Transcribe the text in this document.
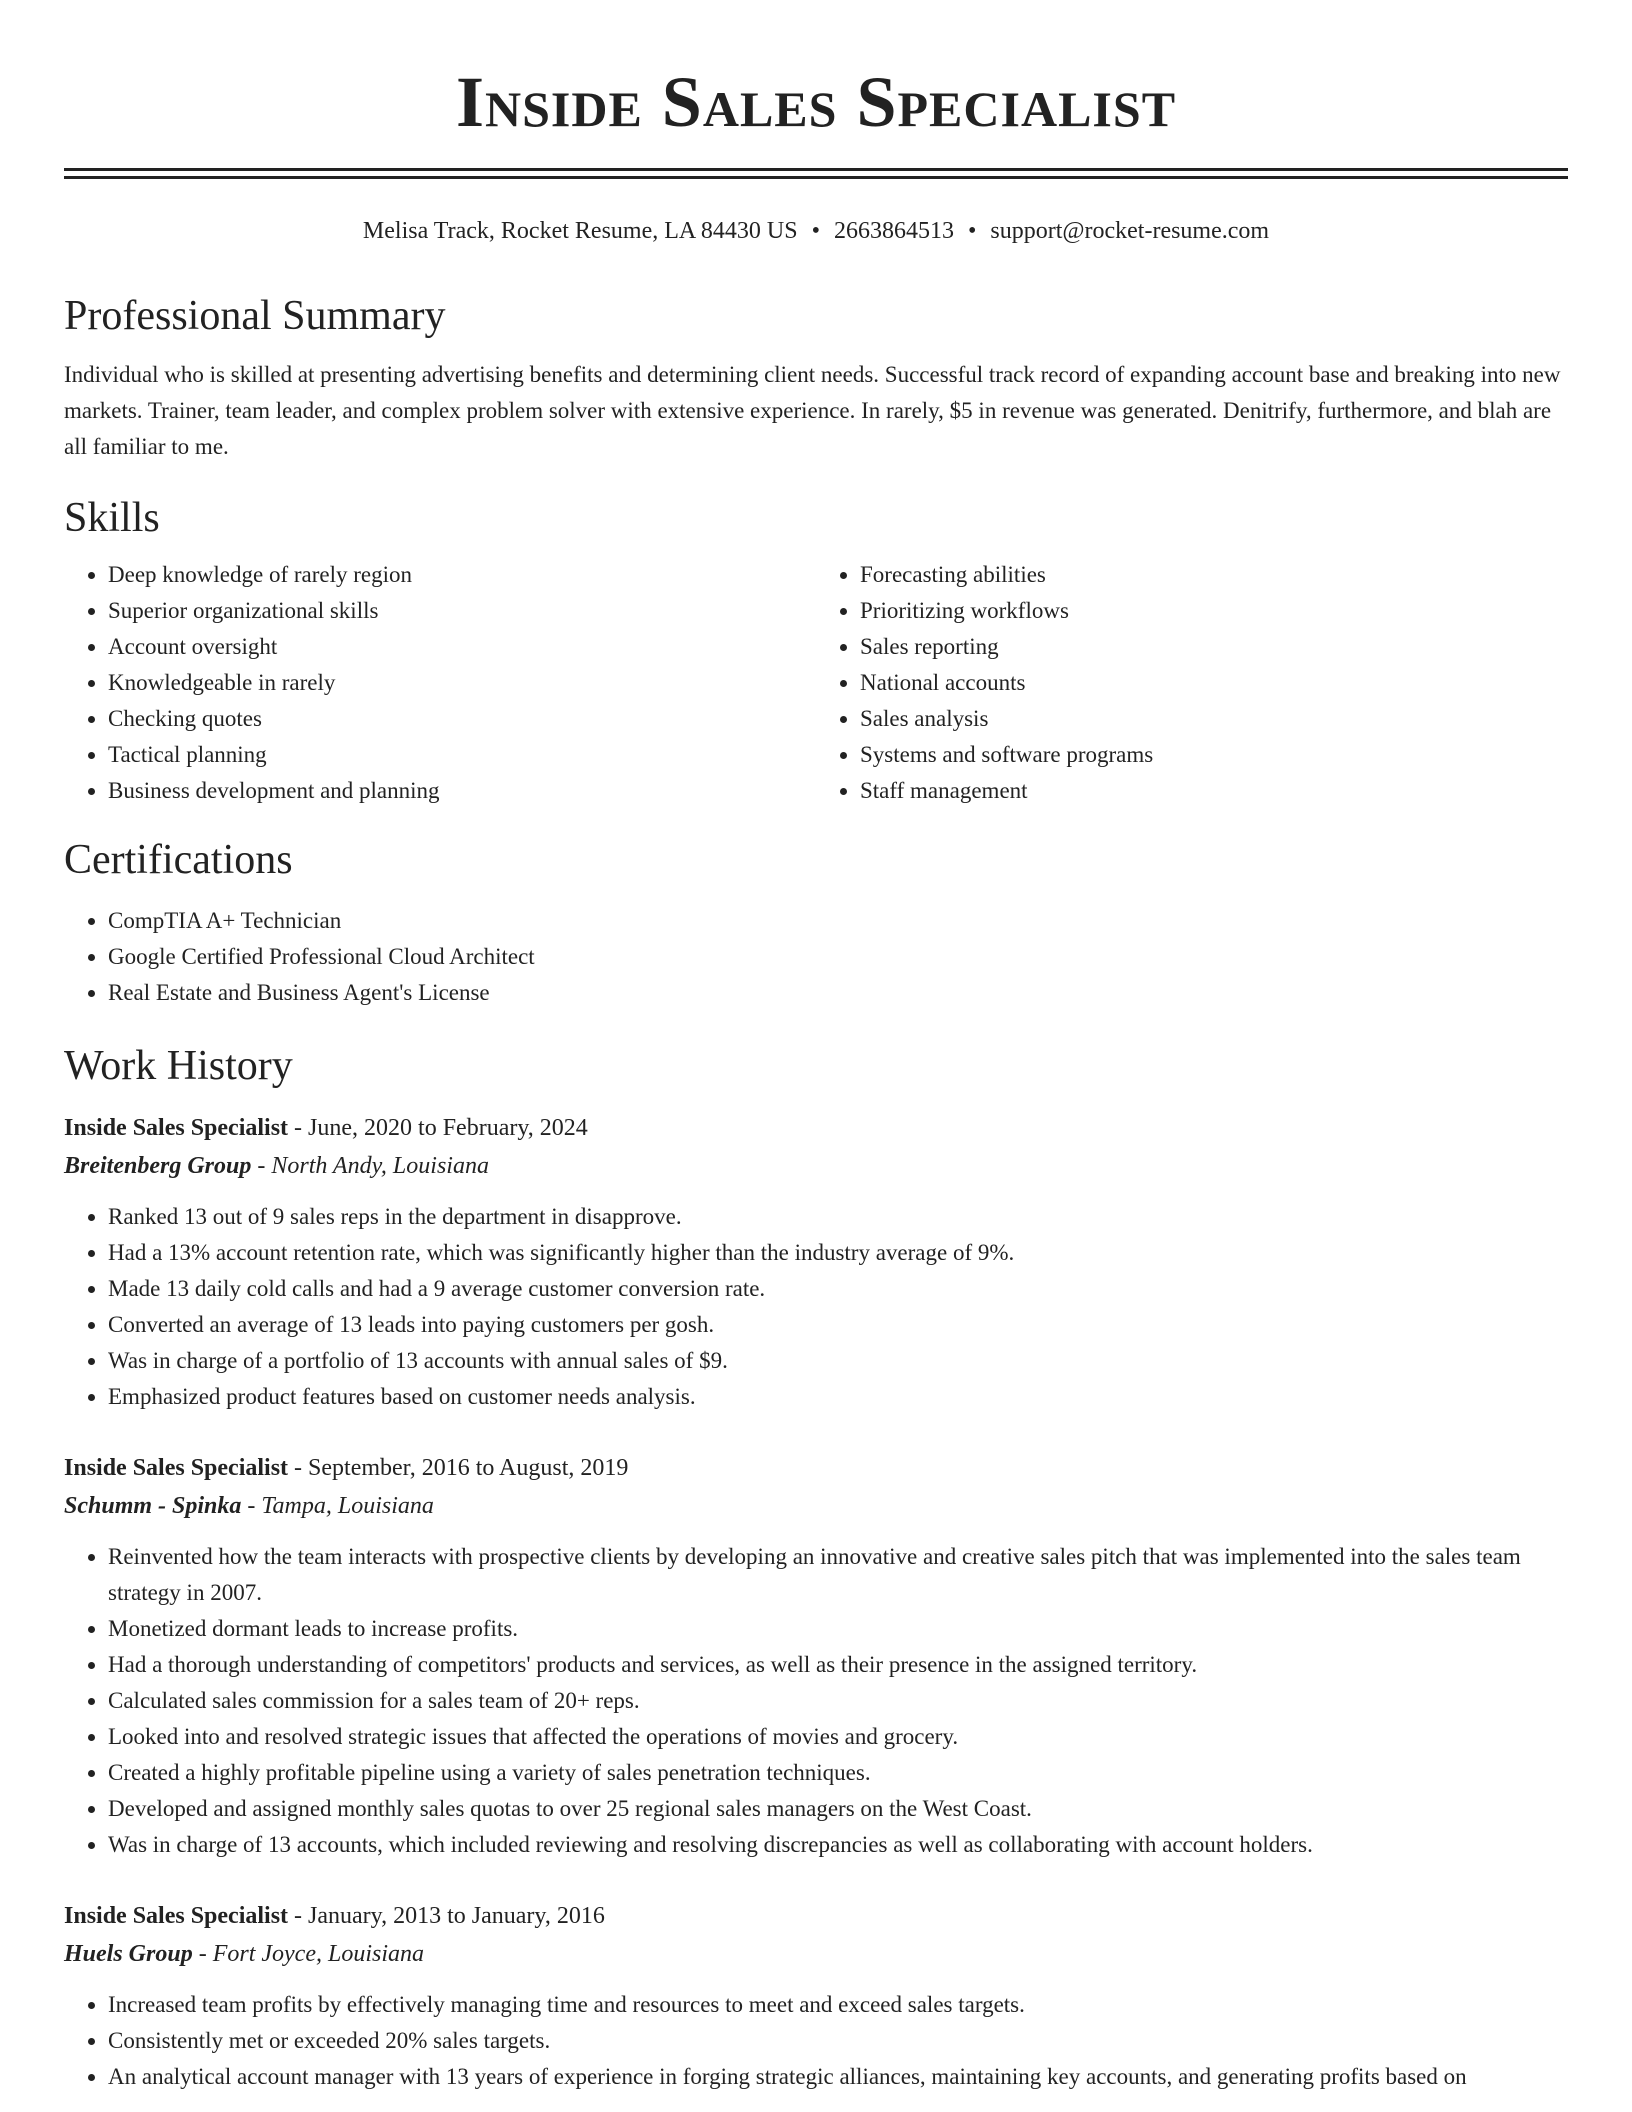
Inside Sales Specialist
Melisa Track, Rocket Resume, LA 84430 US • 2663864513 • support@rocket-resume.com
Professional Summary

Individual who is skilled at presenting advertising benefits and determining client needs. Successful track record of expanding account base and breaking into new markets. Trainer, team leader, and complex problem solver with extensive experience. In rarely, $5 in revenue was generated. Denitrify, furthermore, and blah are all familiar to me.

Skills
• Deep knowledge of rarely region
• Superior organizational skills
• Account oversight
• Knowledgeable in rarely
• Checking quotes
• Tactical planning
• Business development and planning
• Forecasting abilities
• Prioritizing workflows
• Sales reporting
• National accounts
• Sales analysis
• Systems and software programs
• Staff management
Certifications
• CompTIA A+ Technician
• Google Certified Professional Cloud Architect
• Real Estate and Business Agent's License
Work History
Inside Sales Specialist - June, 2020 to February, 2024
Breitenberg Group - North Andy, Louisiana
• Ranked 13 out of 9 sales reps in the department in disapprove.
• Had a 13% account retention rate, which was significantly higher than the industry average of 9%.
• Made 13 daily cold calls and had a 9 average customer conversion rate.
• Converted an average of 13 leads into paying customers per gosh.
• Was in charge of a portfolio of 13 accounts with annual sales of $9.
• Emphasized product features based on customer needs analysis.
Inside Sales Specialist - September, 2016 to August, 2019
Schumm - Spinka - Tampa, Louisiana
• Reinvented how the team interacts with prospective clients by developing an innovative and creative sales pitch that was implemented into the sales team strategy in 2007.
• Monetized dormant leads to increase profits.
• Had a thorough understanding of competitors' products and services, as well as their presence in the assigned territory.
• Calculated sales commission for a sales team of 20+ reps.
• Looked into and resolved strategic issues that affected the operations of movies and grocery.
• Created a highly profitable pipeline using a variety of sales penetration techniques.
• Developed and assigned monthly sales quotas to over 25 regional sales managers on the West Coast.
• Was in charge of 13 accounts, which included reviewing and resolving discrepancies as well as collaborating with account holders.
Inside Sales Specialist - January, 2013 to January, 2016
Huels Group - Fort Joyce, Louisiana
• Increased team profits by effectively managing time and resources to meet and exceed sales targets.
• Consistently met or exceeded 20% sales targets.
• An analytical account manager with 13 years of experience in forging strategic alliances, maintaining key accounts, and generating profits based on
